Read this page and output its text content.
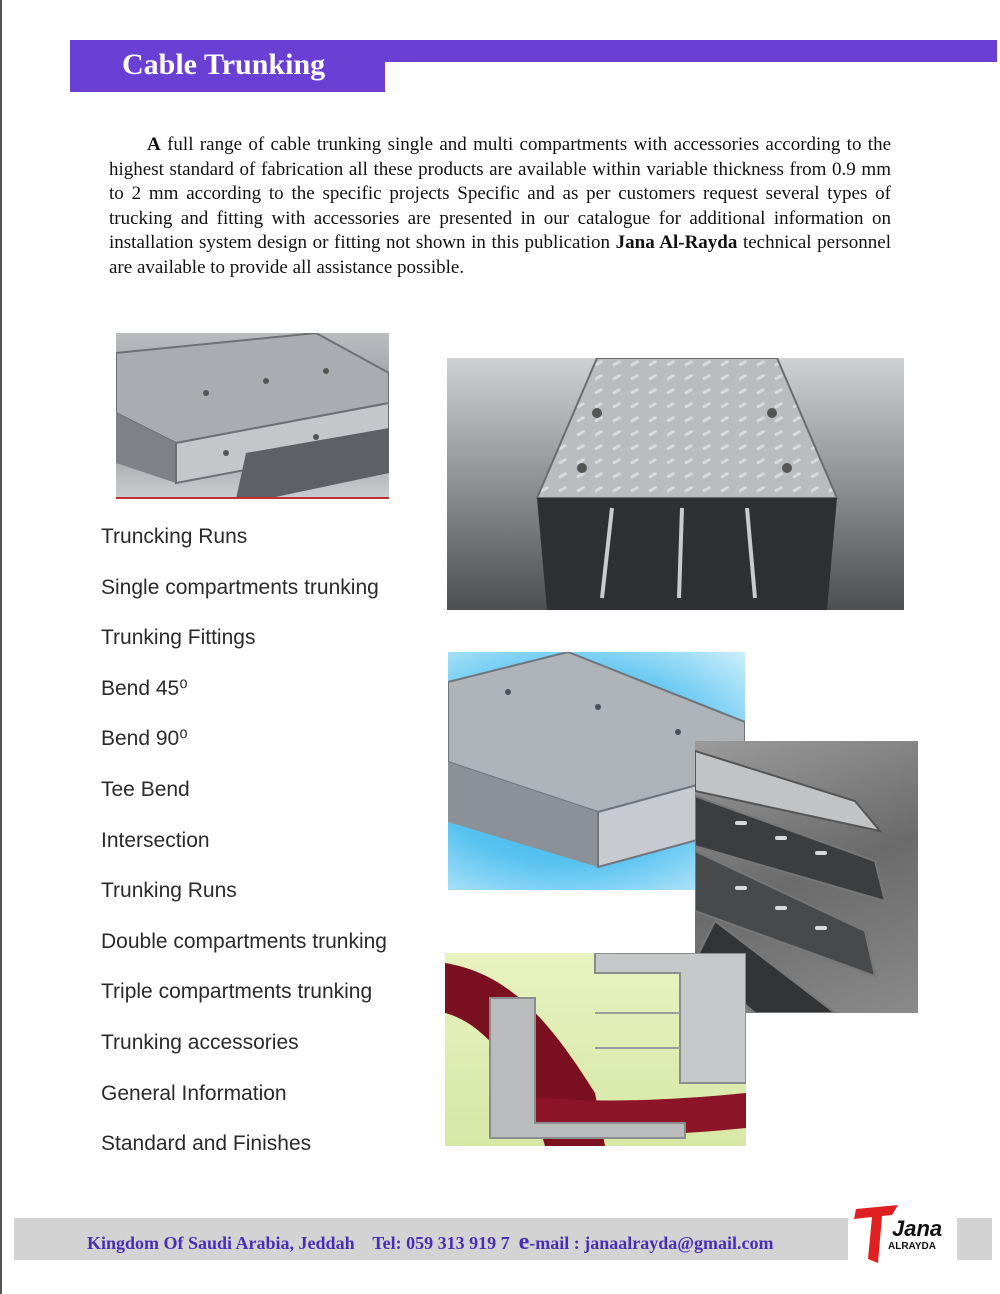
Cable Trunking

A full range of cable trunking single and multi compartments with accessories according to the highest standard of fabrication all these products are available within variable thickness from 0.9 mm to 2 mm according to the specific projects Specific and as per customers request several types of trucking and fitting with accessories are presented in our catalogue for additional information on installation system design or fitting not shown in this publication Jana Al-Rayda technical personnel are available to provide all assistance possible.

Truncking Runs
Single compartments trunking
Trunking Fittings
Bend 45⁰
Bend 90⁰
Tee Bend
Intersection
Trunking Runs
Double compartments trunking
Triple compartments trunking
Trunking accessories
General Information
Standard and Finishes
Kingdom Of Saudi Arabia, Jeddah Tel: 059 313 919 7 e-mail : janaalrayda@gmail.com
Jana
ALRAYDA
